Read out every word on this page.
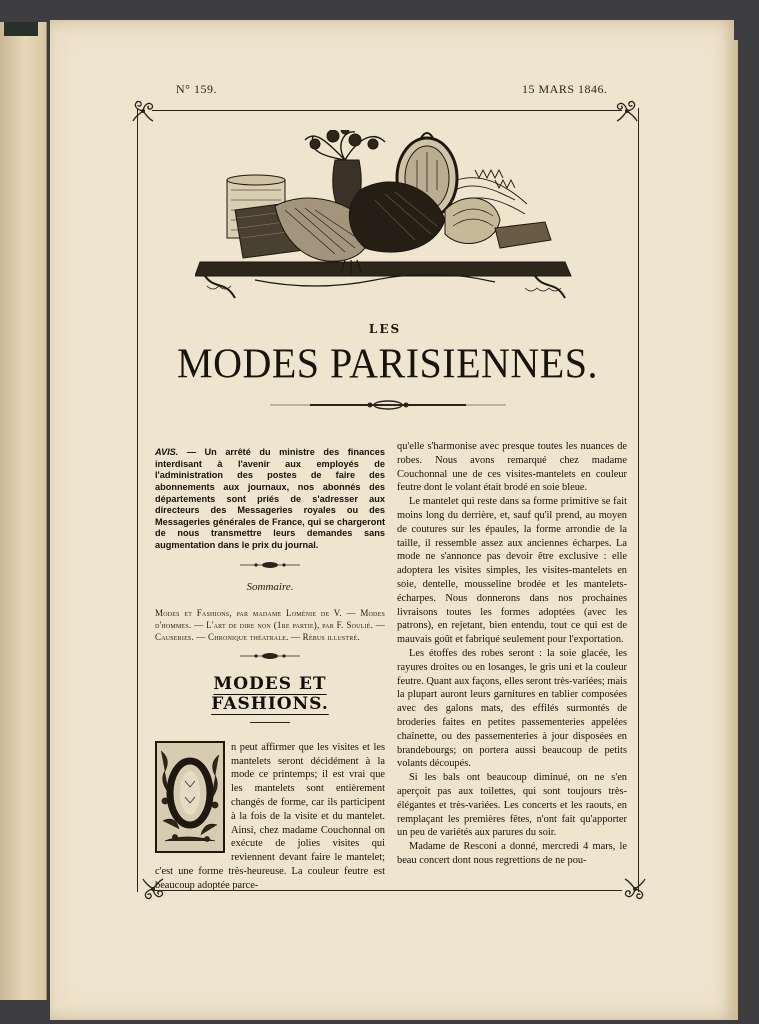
N° 159.	15 MARS 1846.
LES
MODES PARISIENNES.

AVIS. — Un arrêté du ministre des finances interdisant à l'avenir aux employés de l'administration des postes de faire des abonnements aux journaux, nos abonnés des départements sont priés de s'adresser aux directeurs des Messageries royales ou des Messageries générales de France, qui se chargeront de nous transmettre leurs demandes sans augmentation dans le prix du journal.

Sommaire.

Modes et Fashions, par madame Loménie de V. — Modes d'hommes. — L'art de dire non (1re partie), par F. Soulié. — Causeries. — Chronique théatrale. — Rébus illustré.

MODES ET FASHIONS.
O

n peut affirmer que les visites et les mantelets seront décidément à la mode ce printemps; il est vrai que les mantelets sont entièrement changés de forme, car ils participent à la fois de la visite et du mantelet. Ainsi, chez madame Couchonnal on exécute de jolies visites qui reviennent devant faire le mantelet; c'est une forme très-heureuse. La couleur feutre est beaucoup adoptée parce-

qu'elle s'harmonise avec presque toutes les nuances de robes. Nous avons remarqué chez madame Couchonnal une de ces visites-mantelets en couleur feutre dont le volant était brodé en soie bleue.

Le mantelet qui reste dans sa forme primitive se fait moins long du derrière, et, sauf qu'il prend, au moyen de coutures sur les épaules, la forme arrondie de la taille, il ressemble assez aux anciennes écharpes. La mode ne s'annonce pas devoir être exclusive : elle adoptera les visites simples, les visites-mantelets en soie, dentelle, mousseline brodée et les mantelets-écharpes. Nous donnerons dans nos prochaines livraisons toutes les formes adoptées (avec les patrons), en rejetant, bien entendu, tout ce qui est de mauvais goût et fabriqué seulement pour l'exportation.

Les étoffes des robes seront : la soie glacée, les rayures droites ou en losanges, le gris uni et la couleur feutre. Quant aux façons, elles seront très-variées; mais la plupart auront leurs garnitures en tablier composées avec des galons mats, des effilés surmontés de broderies faites en petites passementeries appelées chaînette, ou des passementeries à jour disposées en brandebourgs; on portera aussi beaucoup de petits volants découpés.

Si les bals ont beaucoup diminué, on ne s'en aperçoit pas aux toilettes, qui sont toujours très-élégantes et très-variées. Les concerts et les raouts, en remplaçant les premières fêtes, n'ont fait qu'apporter un peu de variétés aux parures du soir.

Madame de Resconi a donné, mercredi 4 mars, le beau concert dont nous regrettions de ne pou-
